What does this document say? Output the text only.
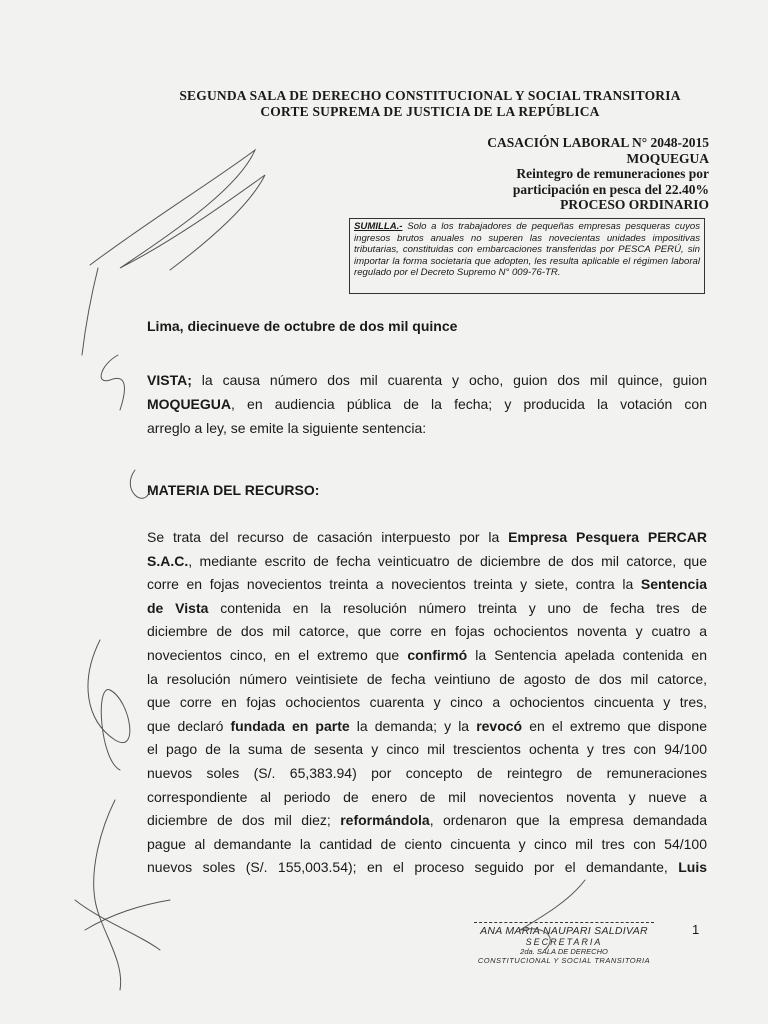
SEGUNDA SALA DE DERECHO CONSTITUCIONAL Y SOCIAL TRANSITORIA
CORTE SUPREMA DE JUSTICIA DE LA REPÚBLICA
CASACIÓN LABORAL N° 2048-2015
MOQUEGUA
Reintegro de remuneraciones por
participación en pesca del 22.40%
PROCESO ORDINARIO
SUMILLA.- Solo a los trabajadores de pequeñas empresas pesqueras cuyos ingresos brutos anuales no superen las novecientas unidades impositivas tributarias, constituidas con embarcaciones transferidas por PESCA PERÚ, sin importar la forma societaria que adopten, les resulta aplicable el régimen laboral regulado por el Decreto Supremo N° 009-76-TR.
Lima, diecinueve de octubre de dos mil quince
VISTA; la causa número dos mil cuarenta y ocho, guion dos mil quince, guion
MOQUEGUA, en audiencia pública de la fecha; y producida la votación con
arreglo a ley, se emite la siguiente sentencia:
MATERIA DEL RECURSO:
Se trata del recurso de casación interpuesto por la Empresa Pesquera PERCAR
S.A.C., mediante escrito de fecha veinticuatro de diciembre de dos mil catorce, que
corre en fojas novecientos treinta a novecientos treinta y siete, contra la Sentencia
de Vista contenida en la resolución número treinta y uno de fecha tres de
diciembre de dos mil catorce, que corre en fojas ochocientos noventa y cuatro a
novecientos cinco, en el extremo que confirmó la Sentencia apelada contenida en
la resolución número veintisiete de fecha veintiuno de agosto de dos mil catorce,
que corre en fojas ochocientos cuarenta y cinco a ochocientos cincuenta y tres,
que declaró fundada en parte la demanda; y la revocó en el extremo que dispone
el pago de la suma de sesenta y cinco mil trescientos ochenta y tres con 94/100
nuevos soles (S/. 65,383.94) por concepto de reintegro de remuneraciones
correspondiente al periodo de enero de mil novecientos noventa y nueve a
diciembre de dos mil diez; reformándola, ordenaron que la empresa demandada
pague al demandante la cantidad de ciento cincuenta y cinco mil tres con 54/100
nuevos soles (S/. 155,003.54); en el proceso seguido por el demandante, Luis
ANA MARIA NAUPARI SALDIVAR
SECRETARIA
2da. SALA DE DERECHO
CONSTITUCIONAL Y SOCIAL TRANSITORIA
1
